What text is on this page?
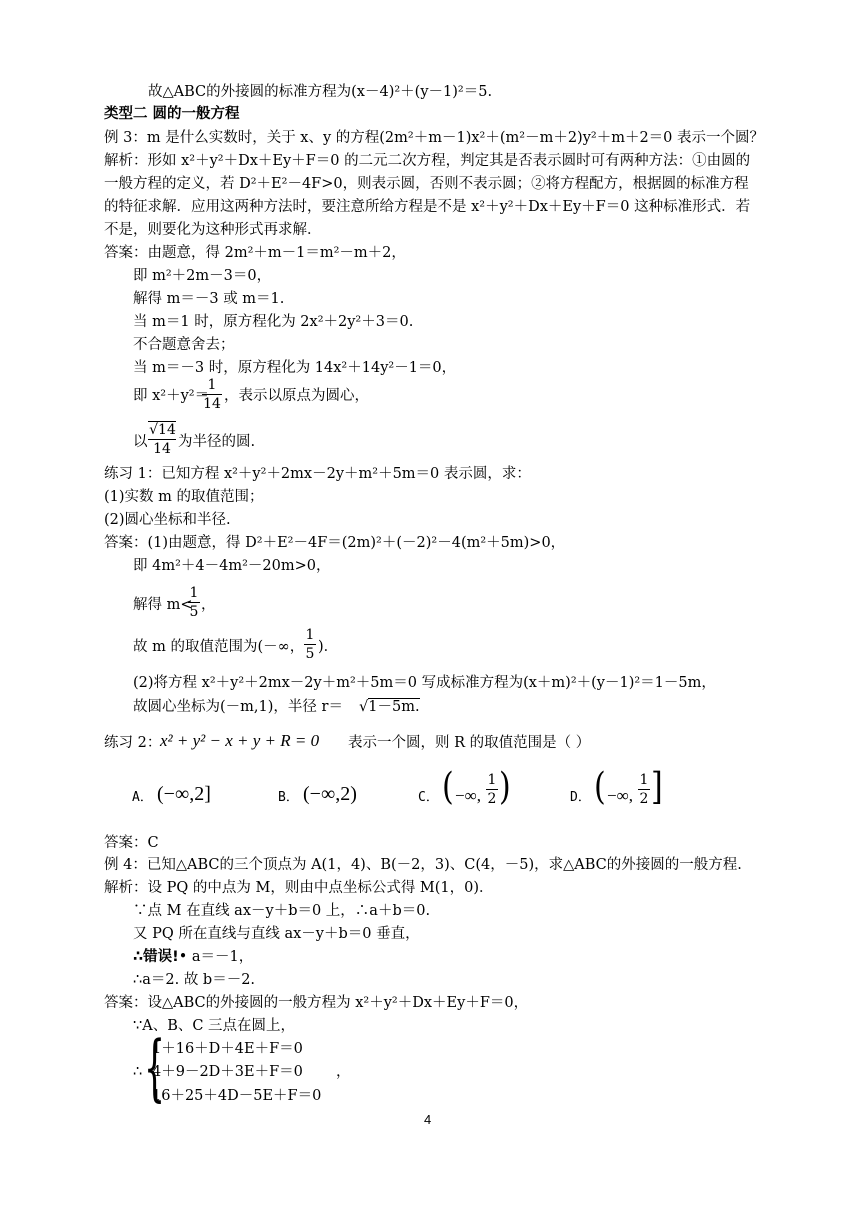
故△ABC的外接圆的标准方程为(x－4)²＋(y－1)²＝5.
类型二 圆的一般方程
例 3：m 是什么实数时，关于 x、y 的方程(2m²＋m－1)x²＋(m²－m＋2)y²＋m＋2＝0 表示一个圆？
解析：形如 x²＋y²＋Dx＋Ey＋F＝0 的二元二次方程，判定其是否表示圆时可有两种方法：①由圆的
一般方程的定义，若 D²＋E²－4F>0，则表示圆，否则不表示圆；②将方程配方，根据圆的标准方程
的特征求解．应用这两种方法时，要注意所给方程是不是 x²＋y²＋Dx＋Ey＋F＝0 这种标准形式．若
不是，则要化为这种形式再求解．
答案：由题意，得 2m²＋m－1＝m²－m＋2，
即 m²＋2m－3＝0，
解得 m＝－3 或 m＝1.
当 m＝1 时，原方程化为 2x²＋2y²＋3＝0.
不合题意舍去；
当 m＝－3 时，原方程化为 14x²＋14y²－1＝0，
即 x²＋y²＝
1
14 ，表示以原点为圆心，
以
√14
14 为半径的圆.
练习 1：已知方程 x²＋y²＋2mx－2y＋m²＋5m＝0 表示圆，求：
(1)实数 m 的取值范围；
(2)圆心坐标和半径.
答案：(1)由题意，得 D²＋E²－4F＝(2m)²＋(－2)²－4(m²＋5m)>0，
即 4m²＋4－4m²－20m>0，
解得 m<
1
5 ，
故 m 的取值范围为(－∞，
1
5 )．
(2)将方程 x²＋y²＋2mx－2y＋m²＋5m＝0 写成标准方程为(x＋m)²＋(y－1)²＝1－5m，
故圆心坐标为(－m,1)，半径 r＝ √1－5m.
练习 2：
x² + y² − x + y + R = 0 表示一个圆，则 R 的取值范围是（ ）
A． (−∞,2]	B． (−∞,2)	C． ( −∞,
1
2 )	D． ( −∞,
1
2 ]
答案：C
例 4：已知△ABC的三个顶点为 A(1，4)、B(－2，3)、C(4，－5)，求△ABC的外接圆的一般方程.
解析：设 PQ 的中点为 M，则由中点坐标公式得 M(1，0)．
∵点 M 在直线 ax－y＋b＝0 上，∴a＋b＝0.
又 PQ 所在直线与直线 ax－y＋b＝0 垂直，
∴错误!• a＝－1，
∴a＝2. 故 b＝－2.
答案：设△ABC的外接圆的一般方程为 x²＋y²＋Dx＋Ey＋F＝0，
∵A、B、C 三点在圆上，
∴ {
1＋16＋D＋4E＋F＝0
4＋9－2D＋3E＋F＝0
16＋25＋4D－5E＋F＝0
，
4
